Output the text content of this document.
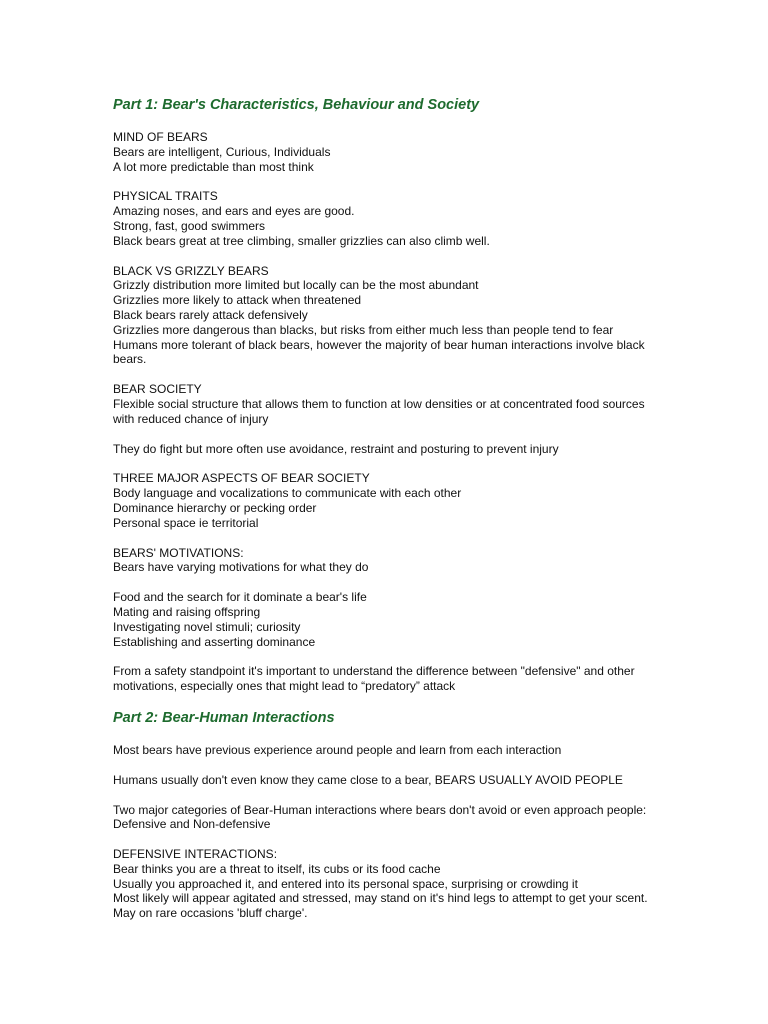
Part 1: Bear's Characteristics, Behaviour and Society
MIND OF BEARS
Bears are intelligent, Curious, Individuals
A lot more predictable than most think
PHYSICAL TRAITS
Amazing noses, and ears and eyes are good.
Strong, fast, good swimmers
Black bears great at tree climbing, smaller grizzlies can also climb well.
BLACK VS GRIZZLY BEARS
Grizzly distribution more limited but locally can be the most abundant
Grizzlies more likely to attack when threatened
Black bears rarely attack defensively
Grizzlies more dangerous than blacks, but risks from either much less than people tend to fear
Humans more tolerant of black bears, however the majority of bear human interactions involve black bears.
BEAR SOCIETY
Flexible social structure that allows them to function at low densities or at concentrated food sources with reduced chance of injury
They do fight but more often use avoidance, restraint and posturing to prevent injury
THREE MAJOR ASPECTS OF BEAR SOCIETY
Body language and vocalizations to communicate with each other
Dominance hierarchy or pecking order
Personal space ie territorial
BEARS' MOTIVATIONS:
Bears have varying motivations for what they do
Food and the search for it dominate a bear's life
Mating and raising offspring
Investigating novel stimuli; curiosity
Establishing and asserting dominance
From a safety standpoint it's important to understand the difference between "defensive" and other motivations, especially ones that might lead to “predatory” attack
Part 2: Bear-Human Interactions
Most bears have previous experience around people and learn from each interaction
Humans usually don't even know they came close to a bear, BEARS USUALLY AVOID PEOPLE
Two major categories of Bear-Human interactions where bears don't avoid or even approach people: Defensive and Non-defensive
DEFENSIVE INTERACTIONS:
Bear thinks you are a threat to itself, its cubs or its food cache
Usually you approached it, and entered into its personal space, surprising or crowding it
Most likely will appear agitated and stressed, may stand on it's hind legs to attempt to get your scent. May on rare occasions 'bluff charge'.
